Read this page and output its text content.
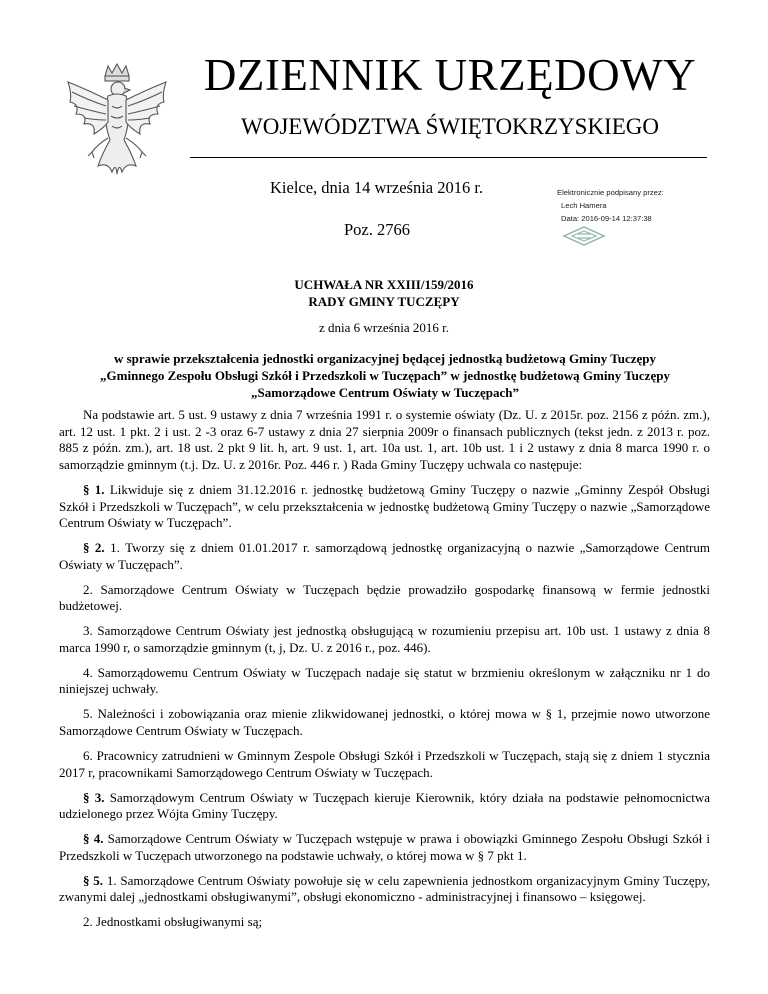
DZIENNIK URZĘDOWY
WOJEWÓDZTWA ŚWIĘTOKRZYSKIEGO
Kielce, dnia 14 września 2016 r.
Poz. 2766
Elektronicznie podpisany przez:
Lech Hamera
Data: 2016-09-14 12:37:38
UCHWAŁA NR XXIII/159/2016
RADY GMINY TUCZĘPY
z dnia 6 września 2016 r.
w sprawie przekształcenia jednostki organizacyjnej będącej jednostką budżetową Gminy Tuczępy
„Gminnego Zespołu Obsługi Szkół i Przedszkoli w Tuczępach” w jednostkę budżetową Gminy Tuczępy
„Samorządowe Centrum Oświaty w Tuczępach”

Na podstawie art. 5 ust. 9 ustawy z dnia 7 września 1991 r. o systemie oświaty (Dz. U. z 2015r. poz. 2156 z późn. zm.), art. 12 ust. 1 pkt. 2 i ust. 2 -3 oraz 6-7 ustawy z dnia 27 sierpnia 2009r o finansach publicznych (tekst jedn. z 2013 r. poz. 885 z późn. zm.), art. 18 ust. 2 pkt 9 lit. h, art. 9 ust. 1, art. 10a ust. 1, art. 10b ust. 1 i 2 ustawy z dnia 8 marca 1990 r. o samorządzie gminnym (t.j. Dz. U. z 2016r. Poz. 446 r. ) Rada Gminy Tuczępy uchwala co następuje:

§ 1. Likwiduje się z dniem 31.12.2016 r. jednostkę budżetową Gminy Tuczępy o nazwie „Gminny Zespół Obsługi Szkół i Przedszkoli w Tuczępach”, w celu przekształcenia w jednostkę budżetową Gminy Tuczępy o nazwie „Samorządowe Centrum Oświaty w Tuczępach”.

§ 2. 1. Tworzy się z dniem 01.01.2017 r. samorządową jednostkę organizacyjną o nazwie „Samorządowe Centrum Oświaty w Tuczępach”.

2. Samorządowe Centrum Oświaty w Tuczępach będzie prowadziło gospodarkę finansową w fermie jednostki budżetowej.

3. Samorządowe Centrum Oświaty jest jednostką obsługującą w rozumieniu przepisu art. 10b ust. 1 ustawy z dnia 8 marca 1990 r, o samorządzie gminnym (t, j, Dz. U. z 2016 r., poz. 446).

4. Samorządowemu Centrum Oświaty w Tuczępach nadaje się statut w brzmieniu określonym w załączniku nr 1 do niniejszej uchwały.

5. Należności i zobowiązania oraz mienie zlikwidowanej jednostki, o której mowa w § 1, przejmie nowo utworzone Samorządowe Centrum Oświaty w Tuczępach.

6. Pracownicy zatrudnieni w Gminnym Zespole Obsługi Szkół i Przedszkoli w Tuczępach, stają się z dniem 1 stycznia 2017 r, pracownikami Samorządowego Centrum Oświaty w Tuczępach.

§ 3. Samorządowym Centrum Oświaty w Tuczępach kieruje Kierownik, który działa na podstawie pełnomocnictwa udzielonego przez Wójta Gminy Tuczępy.

§ 4. Samorządowe Centrum Oświaty w Tuczępach wstępuje w prawa i obowiązki Gminnego Zespołu Obsługi Szkół i Przedszkoli w Tuczępach utworzonego na podstawie uchwały, o której mowa w § 7 pkt 1.

§ 5. 1. Samorządowe Centrum Oświaty powołuje się w celu zapewnienia jednostkom organizacyjnym Gminy Tuczępy, zwanymi dalej „jednostkami obsługiwanymi”, obsługi ekonomiczno - administracyjnej i finansowo – księgowej.

2. Jednostkami obsługiwanymi są;
